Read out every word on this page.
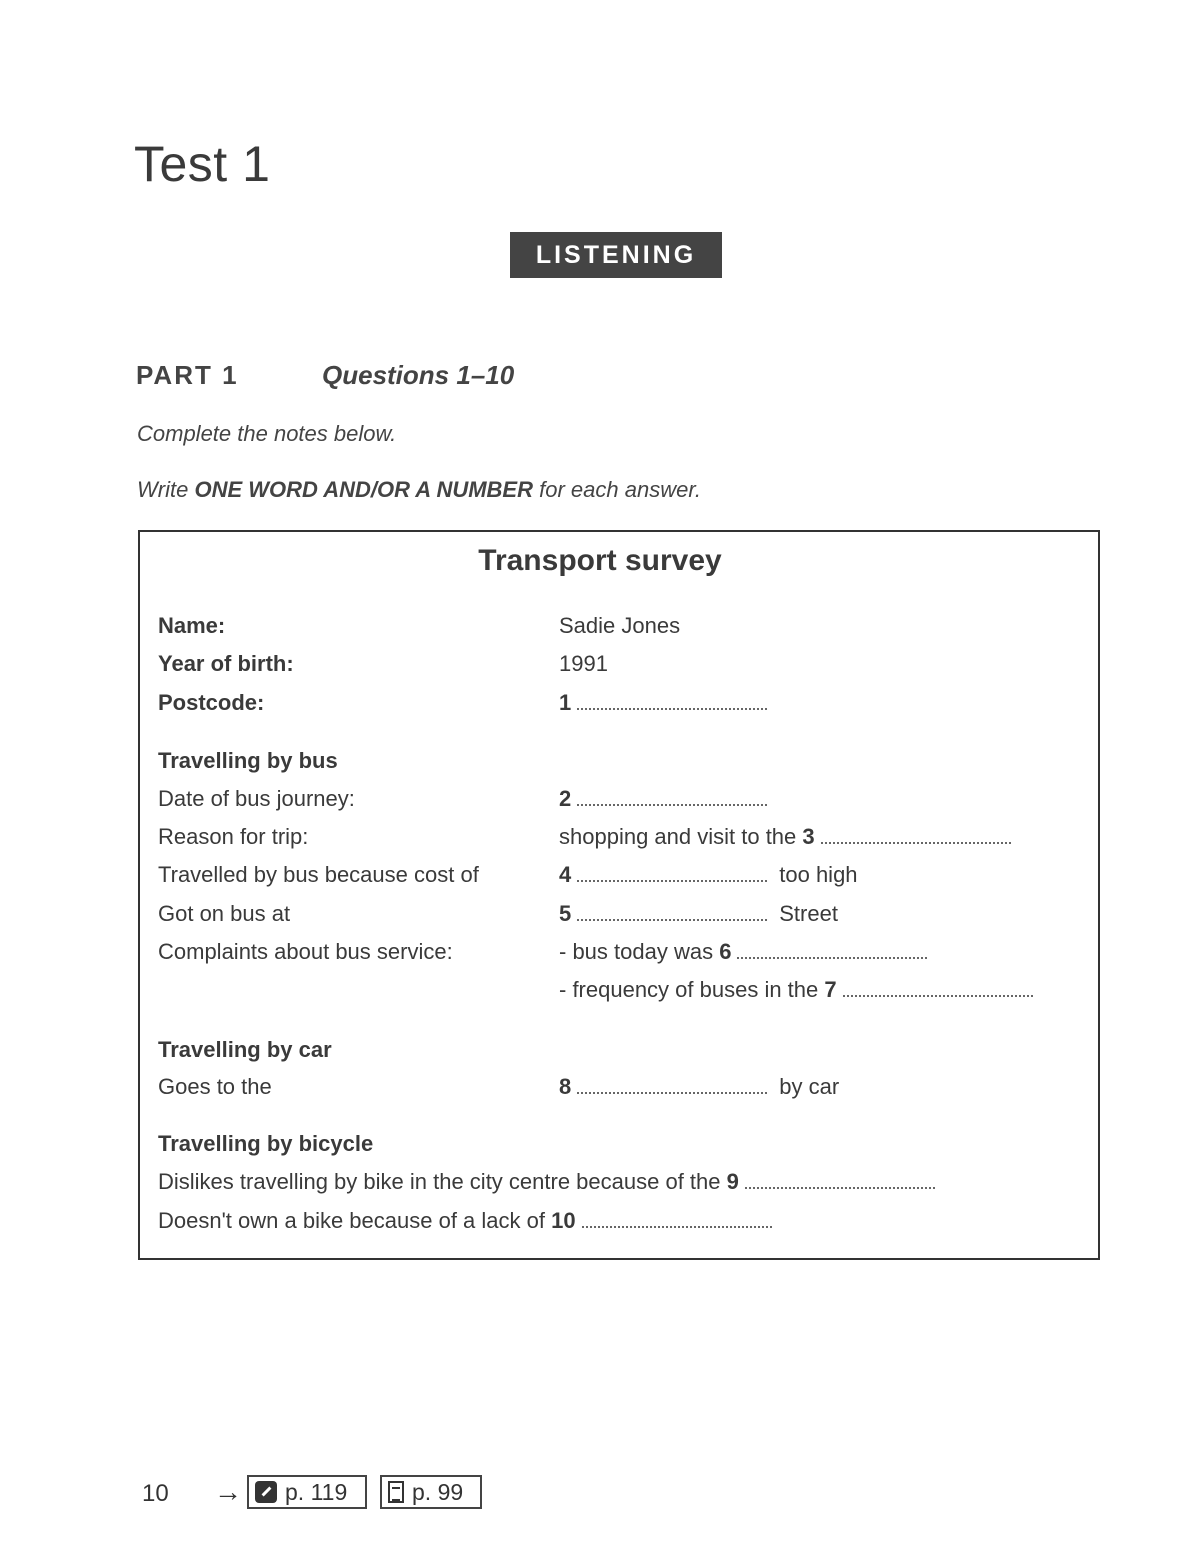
Test 1
LISTENING
PART 1	Questions 1–10
Complete the notes below.
Write ONE WORD AND/OR A NUMBER for each answer.
Transport survey
Name:	Sadie Jones
Year of birth:	1991
Postcode:	1
Travelling by bus
Date of bus journey:	2
Reason for trip:	shopping and visit to the 3
Travelled by bus because cost of	4	too high
Got on bus at	5	Street
Complaints about bus service:	- bus today was 6
- frequency of buses in the 7
Travelling by car
Goes to the	8	by car
Travelling by bicycle
Dislikes travelling by bike in the city centre because of the 9
Doesn't own a bike because of a lack of 10
10 → p. 119	p. 99
